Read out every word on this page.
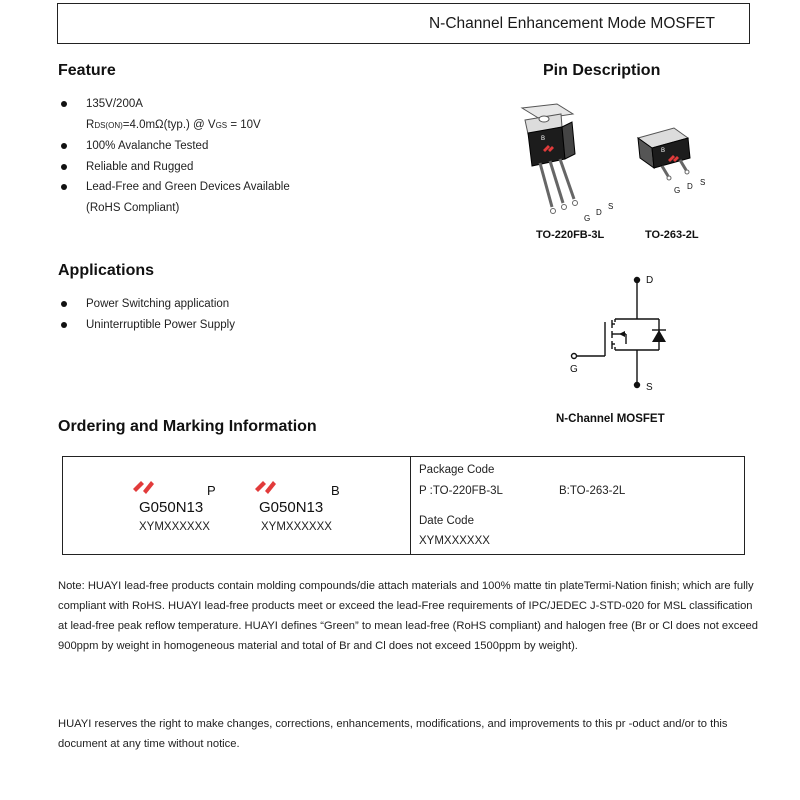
N-Channel Enhancement Mode MOSFET
Feature
135V/200A
RDS(ON)=4.0mΩ(typ.) @ VGS = 10V
100% Avalanche Tested
Reliable and Rugged
Lead-Free and Green Devices Available
(RoHS Compliant)
Pin Description
B
G
D
S
TO-220FB-3L
B
G D S
TO-263-2L
Applications
Power Switching application
Uninterruptible Power Supply
D
G
S
N-Channel MOSFET
Ordering and Marking Information
P
G050N13
XYMXXXXXX
B
G050N13
XYMXXXXXX
Package Code
P :TO-220FB-3L	B:TO-263-2L
Date Code
XYMXXXXXX

Note: HUAYI lead-free products contain molding compounds/die attach materials and 100% matte tin plateTermi-Nation finish; which are fully compliant with RoHS. HUAYI lead-free products meet or exceed the lead-Free requirements of IPC/JEDEC J-STD-020 for MSL classification at lead-free peak reflow temperature. HUAYI defines “Green” to mean lead-free (RoHS compliant) and halogen free (Br or Cl does not exceed 900ppm by weight in homogeneous material and total of Br and Cl does not exceed 1500ppm by weight).

HUAYI reserves the right to make changes, corrections, enhancements, modifications, and improvements to this pr -oduct and/or to this document at any time without notice.
